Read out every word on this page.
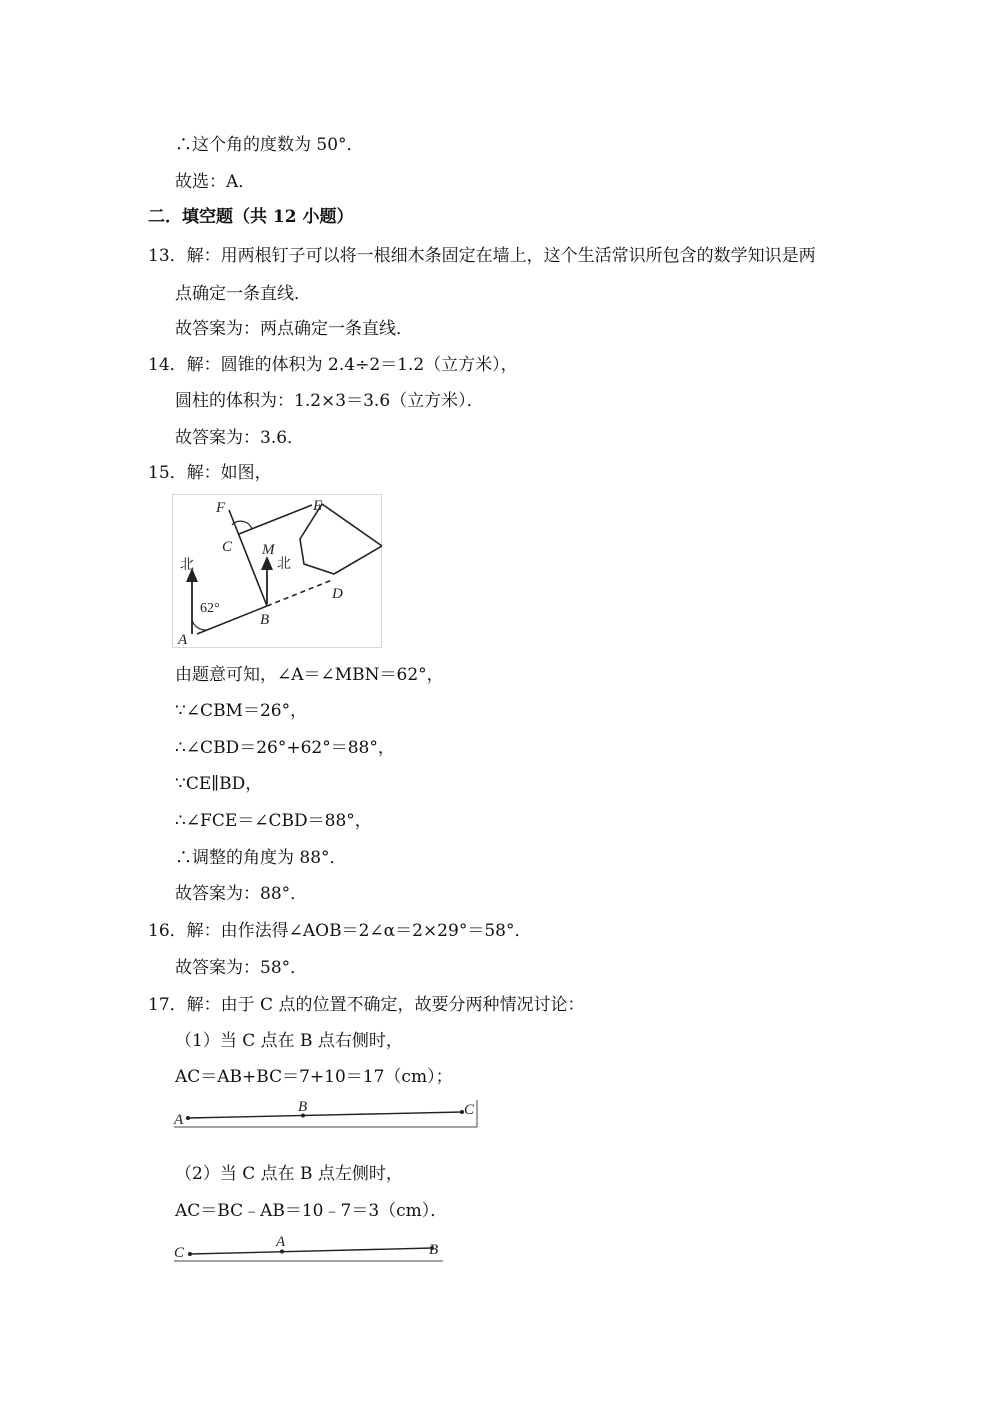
∴这个角的度数为 50°．
故选：A．
二．填空题（共 12 小题）
13．解：用两根钉子可以将一根细木条固定在墙上，这个生活常识所包含的数学知识是两
点确定一条直线．
故答案为：两点确定一条直线．
14．解：圆锥的体积为 2.4÷2＝1.2（立方米），
圆柱的体积为：1.2×3＝3.6（立方米）．
故答案为：3.6．
15．解：如图，
F	E
C M
北	北
62°
A
B
D
由题意可知，∠A＝∠MBN＝62°，
∵∠CBM＝26°，
∴∠CBD＝26°+62°＝88°，
∵CE∥BD，
∴∠FCE＝∠CBD＝88°，
∴调整的角度为 88°．
故答案为：88°．
16．解：由作法得∠AOB＝2∠α＝2×29°＝58°．
故答案为：58°．
17．解：由于 C 点的位置不确定，故要分两种情况讨论：
（1）当 C 点在 B 点右侧时，
AC＝AB+BC＝7+10＝17（cm）；
A
B	C
（2）当 C 点在 B 点左侧时，
AC＝BC﹣AB＝10﹣7＝3（cm）．
C
A	B
